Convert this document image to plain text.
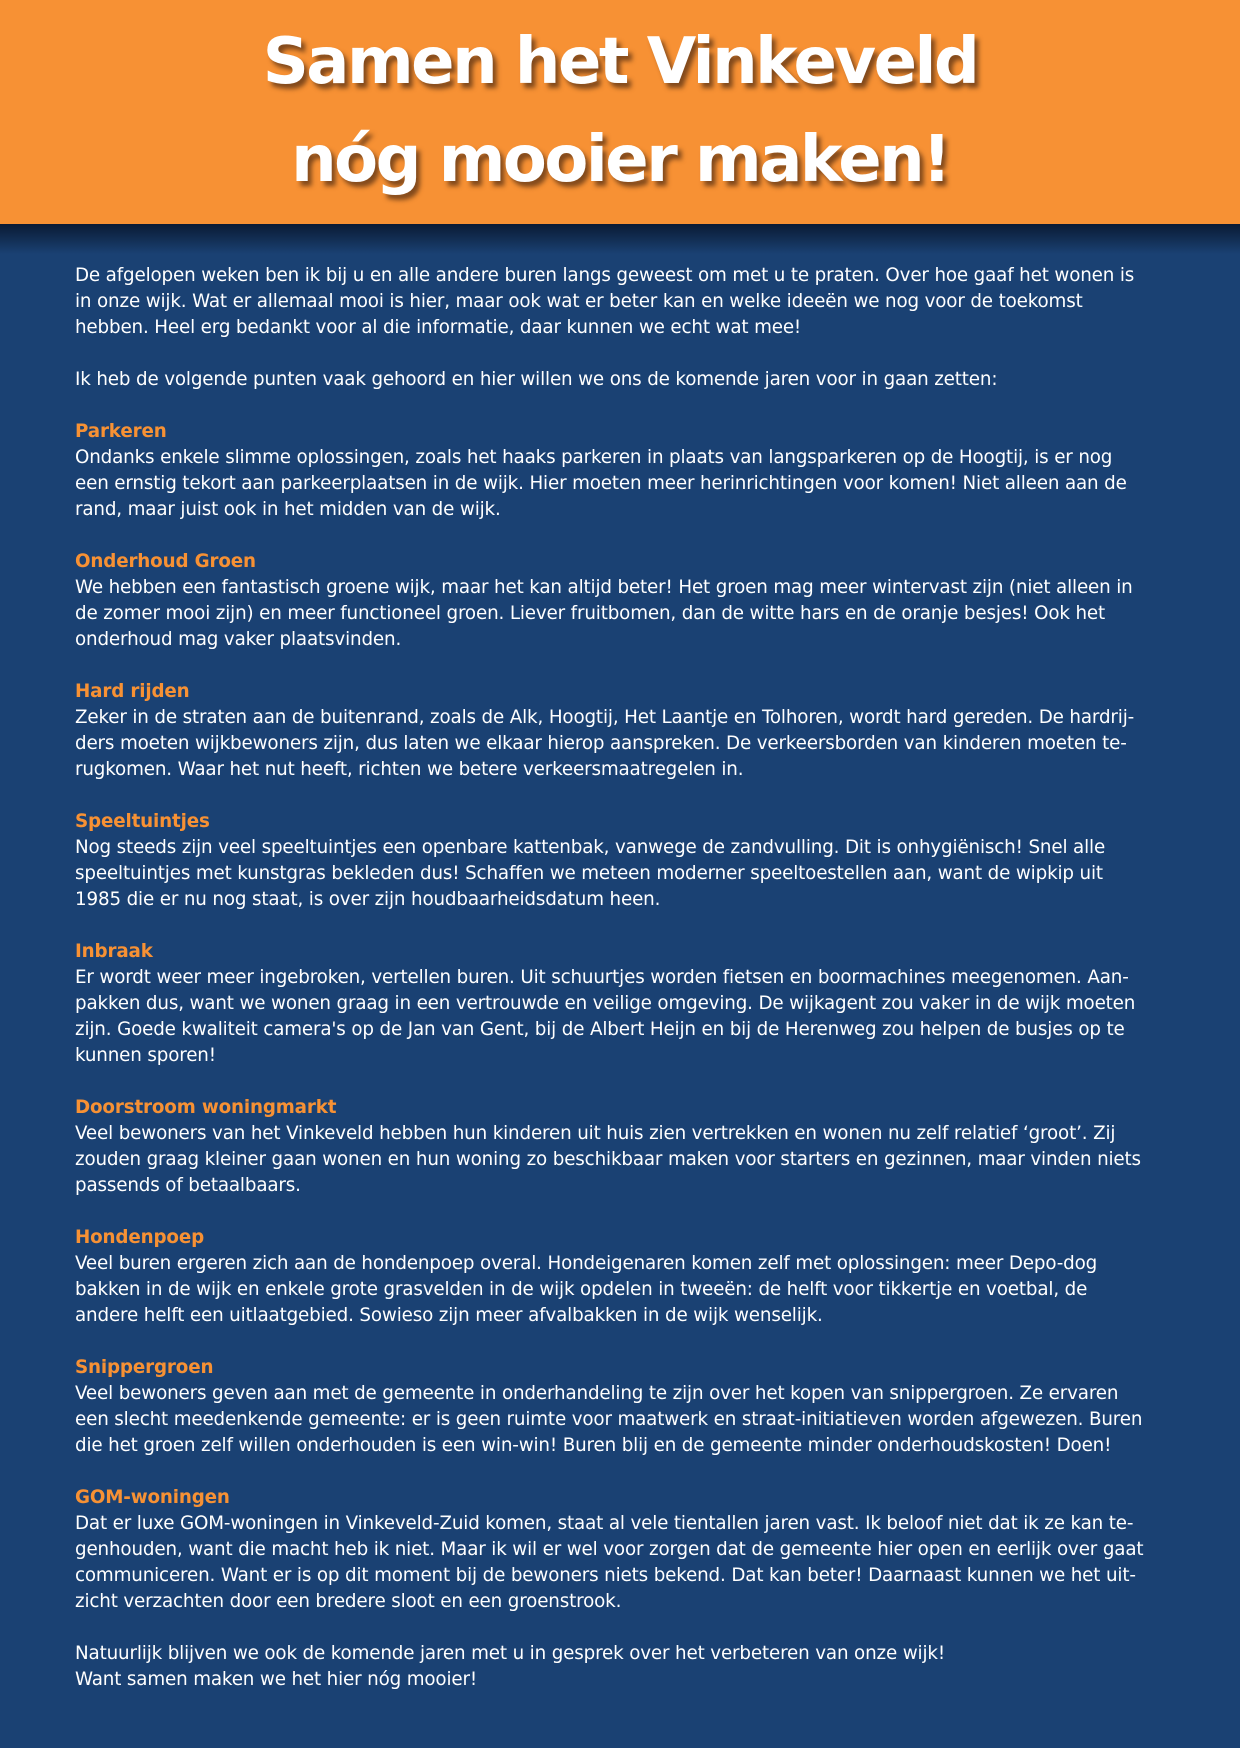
Samen het Vinkeveld
nóg mooier maken!

De afgelopen weken ben ik bij u en alle andere buren langs geweest om met u te praten. Over hoe gaaf het wonen is

in onze wijk. Wat er allemaal mooi is hier, maar ook wat er beter kan en welke ideeën we nog voor de toekomst

hebben. Heel erg bedankt voor al die informatie, daar kunnen we echt wat mee!

Ik heb de volgende punten vaak gehoord en hier willen we ons de komende jaren voor in gaan zetten:

Parkeren

Ondanks enkele slimme oplossingen, zoals het haaks parkeren in plaats van langsparkeren op de Hoogtij, is er nog

een ernstig tekort aan parkeerplaatsen in de wijk. Hier moeten meer herinrichtingen voor komen! Niet alleen aan de

rand, maar juist ook in het midden van de wijk.

Onderhoud Groen

We hebben een fantastisch groene wijk, maar het kan altijd beter! Het groen mag meer wintervast zijn (niet alleen in

de zomer mooi zijn) en meer functioneel groen. Liever fruitbomen, dan de witte hars en de oranje besjes! Ook het

onderhoud mag vaker plaatsvinden.

Hard rijden

Zeker in de straten aan de buitenrand, zoals de Alk, Hoogtij, Het Laantje en Tolhoren, wordt hard gereden. De hardrij-

ders moeten wijkbewoners zijn, dus laten we elkaar hierop aanspreken. De verkeersborden van kinderen moeten te-

rugkomen. Waar het nut heeft, richten we betere verkeersmaatregelen in.

Speeltuintjes

Nog steeds zijn veel speeltuintjes een openbare kattenbak, vanwege de zandvulling. Dit is onhygiënisch! Snel alle

speeltuintjes met kunstgras bekleden dus! Schaffen we meteen moderner speeltoestellen aan, want de wipkip uit

1985 die er nu nog staat, is over zijn houdbaarheidsdatum heen.

Inbraak

Er wordt weer meer ingebroken, vertellen buren. Uit schuurtjes worden fietsen en boormachines meegenomen. Aan-

pakken dus, want we wonen graag in een vertrouwde en veilige omgeving. De wijkagent zou vaker in de wijk moeten

zijn. Goede kwaliteit camera's op de Jan van Gent, bij de Albert Heijn en bij de Herenweg zou helpen de busjes op te

kunnen sporen!

Doorstroom woningmarkt

Veel bewoners van het Vinkeveld hebben hun kinderen uit huis zien vertrekken en wonen nu zelf relatief ‘groot’. Zij

zouden graag kleiner gaan wonen en hun woning zo beschikbaar maken voor starters en gezinnen, maar vinden niets

passends of betaalbaars.

Hondenpoep

Veel buren ergeren zich aan de hondenpoep overal. Hondeigenaren komen zelf met oplossingen: meer Depo-dog

bakken in de wijk en enkele grote grasvelden in de wijk opdelen in tweeën: de helft voor tikkertje en voetbal, de

andere helft een uitlaatgebied. Sowieso zijn meer afvalbakken in de wijk wenselijk.

Snippergroen

Veel bewoners geven aan met de gemeente in onderhandeling te zijn over het kopen van snippergroen. Ze ervaren

een slecht meedenkende gemeente: er is geen ruimte voor maatwerk en straat-initiatieven worden afgewezen. Buren

die het groen zelf willen onderhouden is een win-win! Buren blij en de gemeente minder onderhoudskosten! Doen!

GOM-woningen

Dat er luxe GOM-woningen in Vinkeveld-Zuid komen, staat al vele tientallen jaren vast. Ik beloof niet dat ik ze kan te-

genhouden, want die macht heb ik niet. Maar ik wil er wel voor zorgen dat de gemeente hier open en eerlijk over gaat

communiceren. Want er is op dit moment bij de bewoners niets bekend. Dat kan beter! Daarnaast kunnen we het uit-

zicht verzachten door een bredere sloot en een groenstrook.

Natuurlijk blijven we ook de komende jaren met u in gesprek over het verbeteren van onze wijk!

Want samen maken we het hier nóg mooier!
